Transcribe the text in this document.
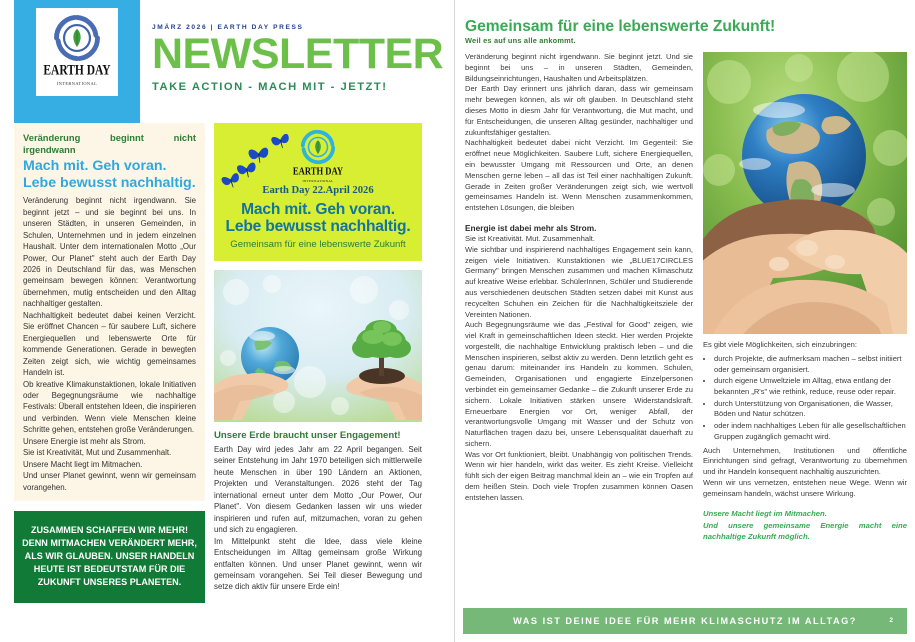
EARTH DAY
INTERNATIONAL
JMÄRZ 2026 | EARTH DAY PRESS
NEWSLETTER
TAKE ACTION - MACH MIT - JETZT!
Veränderung beginnt nicht irgendwann
Mach mit. Geh voran. Lebe bewusst nachhaltig.

Veränderung beginnt nicht irgendwann. Sie beginnt jetzt – und sie beginnt bei uns. In unseren Städten, in unseren Gemeinden, in Schulen, Unternehmen und in jedem einzelnen Haushalt. Unter dem internationalen Motto „Our Power, Our Planet" steht auch der Earth Day 2026 in Deutschland für das, was Menschen gemeinsam bewegen können: Verantwortung übernehmen, mutig entscheiden und den Alltag nachhaltiger gestalten.

Nachhaltigkeit bedeutet dabei keinen Verzicht. Sie eröffnet Chancen – für saubere Luft, sichere Energiequellen und lebenswerte Orte für kommende Generationen. Gerade in bewegten Zeiten zeigt sich, wie wichtig gemeinsames Handeln ist.

Ob kreative Klimakunstaktionen, lokale Initiativen oder Begegnungsräume wie nachhaltige Festivals: Überall entstehen Ideen, die inspirieren und verbinden. Wenn viele Menschen kleine Schritte gehen, entstehen große Veränderungen.

Unsere Energie ist mehr als Strom.

Sie ist Kreativität, Mut und Zusammenhalt.

Unsere Macht liegt im Mitmachen.

Und unser Planet gewinnt, wenn wir gemeinsam vorangehen.

ZUSAMMEN SCHAFFEN WIR MEHR! DENN MITMACHEN VERÄNDERT MEHR, ALS WIR GLAUBEN. UNSER HANDELN HEUTE IST BEDEUTSTAM FÜR DIE ZUKUNFT UNSERES PLANETEN.
EARTH DAY
INTERNATIONAL
Earth Day 22.April 2026
Mach mit. Geh voran.
Lebe bewusst nachhaltig.
Gemeinsam für eine lebenswerte Zukunft
Unsere Erde braucht unser Engagement!

Earth Day wird jedes Jahr am 22 April begangen. Seit seiner Entstehung im Jahr 1970 beteiligen sich mittlerweile heute Menschen in über 190 Ländern an Aktionen, Projekten und Veranstaltungen. 2026 steht der Tag international erneut unter dem Motto „Our Power, Our Planet". Von diesem Gedanken lassen wir uns wieder inspirieren und rufen auf, mitzumachen, voran zu gehen und sich zu engagieren.

Im Mittelpunkt steht die Idee, dass viele kleine Entscheidungen im Alltag gemeinsam große Wirkung entfalten können. Und unser Planet gewinnt, wenn wir gemeinsam vorangehen. Sei Teil dieser Bewegung und setze dich aktiv für unsere Erde ein!

Gemeinsam für eine lebenswerte Zukunft!
Weil es auf uns alle ankommt.

Veränderung beginnt nicht irgendwann. Sie beginnt jetzt. Und sie beginnt bei uns – in unseren Städten, Gemeinden, Bildungseinrichtungen, Haushalten und Arbeitsplätzen.

Der Earth Day erinnert uns jährlich daran, dass wir gemeinsam mehr bewegen können, als wir oft glauben. In Deutschland steht dieses Motto in diesm Jahr für Verantwortung, die Mut macht, und für Entscheidungen, die unseren Alltag gesünder, nachhaltiger und zukunftsfähiger gestalten.

Nachhaltigkeit bedeutet dabei nicht Verzicht. Im Gegenteil: Sie eröffnet neue Möglichkeiten. Saubere Luft, sichere Energiequellen, ein bewusster Umgang mit Ressourcen und Orte, an denen Menschen gerne leben – all das ist Teil einer nachhaltigen Zukunft. Gerade in Zeiten großer Veränderungen zeigt sich, wie wertvoll gemeinsames Handeln ist. Wenn Menschen zusammenkommen, entstehen Lösungen, die bleiben

Energie ist dabei mehr als Strom.
Sie ist Kreativität. Mut. Zusammenhalt.

Wie sichtbar und inspirierend nachhaltiges Engagement sein kann, zeigen viele Initiativen. Kunstaktionen wie „BLUE17CIRCLES Germany" bringen Menschen zusammen und machen Klimaschutz auf kreative Weise erlebbar. SchülerInnen, Schüler und Studierende aus verschiedenen deutschen Städten setzen dabei mit Kunst aus recycelten Schuhen ein Zeichen für die Nachhaltigkeitsziele der Vereinten Nationen.

Auch Begegnungsräume wie das „Festival for Good" zeigen, wie viel Kraft in gemeinschaftlichen Ideen steckt. Hier werden Projekte vorgestellt, die nachhaltige Entwicklung praktisch leben – und die Menschen inspirieren, selbst aktiv zu werden. Denn letztlich geht es genau darum: miteinander ins Handeln zu kommen. Schulen, Gemeinden, Organisationen und engagierte Einzelpersonen verbindet ein gemeinsamer Gedanke – die Zukunft unserer Erde zu sichern. Lokale Initiativen stärken unsere Widerstandskraft. Erneuerbare Energien vor Ort, weniger Abfall, der verantwortungsvolle Umgang mit Wasser und der Schutz von Naturflächen tragen dazu bei, unsere Lebensqualität dauerhaft zu sichern.

Was vor Ort funktioniert, bleibt. Unabhängig von politischen Trends. Wenn wir hier handeln, wirkt das weiter. Es zieht Kreise. Vielleicht fühlt sich der eigen Beitrag manchmal klein an – wie ein Tropfen auf dem heißen Stein. Doch viele Tropfen zusammen können Oasen entstehen lassen.

Es gibt viele Möglichkeiten, sich einzubringen:
• durch Projekte, die aufmerksam machen – selbst initiiert oder gemeinsam organisiert.
• durch eigene Umweltziele im Alltag, etwa entlang der bekannten „R's" wie rethink, reduce, reuse oder repair.
• durch Unterstützung von Organisationen, die Wasser, Böden und Natur schützen.
• oder indem nachhaltiges Leben für alle gesellschaftlichen Gruppen zugänglich gemacht wird.

Auch Unternehmen, Institutionen und öffentliche Einrichtungen sind gefragt, Verantwortung zu übernehmen und ihr Handeln konsequent nachhaltig auszurichten.

Wenn wir uns vernetzen, entstehen neue Wege. Wenn wir gemeinsam handeln, wächst unsere Wirkung.

Unsere Macht liegt im Mitmachen.
Und unsere gemeinsame Energie macht eine nachhaltige Zukunft möglich.
WAS IST DEINE IDEE FÜR MEHR KLIMASCHUTZ IM ALLTAG?	2
